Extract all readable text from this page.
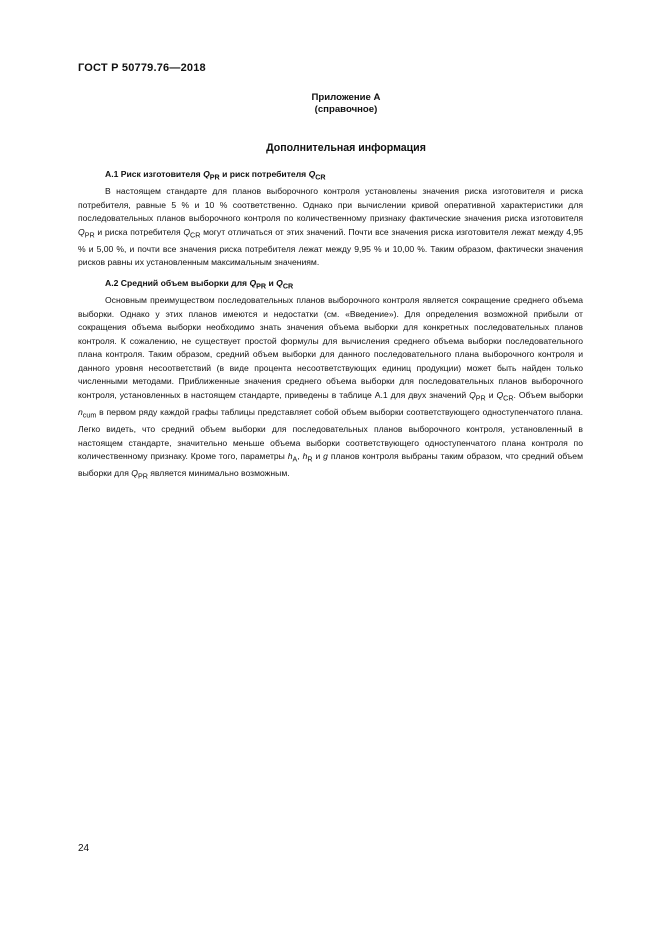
ГОСТ Р 50779.76—2018
Приложение А
(справочное)
Дополнительная информация

А.1 Риск изготовителя $Q_{PR}$ и риск потребителя $Q_{CR}$

В настоящем стандарте для планов выборочного контроля установлены значения риска изготовителя и риска потребителя, равные 5 % и 10 % соответственно. Однако при вычислении кривой оперативной характеристики для последовательных планов выборочного контроля по количественному признаку фактические значения риска изготовителя $Q_{PR}$ и риска потребителя $Q_{CR}$ могут отличаться от этих значений. Почти все значения риска изготовителя лежат между 4,95 % и 5,00 %, и почти все значения риска потребителя лежат между 9,95 % и 10,00 %. Таким образом, фактически значения рисков равны их установленным максимальным значениям.

А.2 Средний объем выборки для $Q_{PR}$ и $Q_{CR}$

Основным преимуществом последовательных планов выборочного контроля является сокращение среднего объема выборки. Однако у этих планов имеются и недостатки (см. «Введение»). Для определения возможной прибыли от сокращения объема выборки необходимо знать значения объема выборки для конкретных последовательных планов контроля. К сожалению, не существует простой формулы для вычисления среднего объема выборки последовательного плана контроля. Таким образом, средний объем выборки для данного последовательного плана выборочного контроля и данного уровня несоответствий (в виде процента несоответствующих единиц продукции) может быть найден только численными методами. Приближенные значения среднего объема выборки для последовательных планов выборочного контроля, установленных в настоящем стандарте, приведены в таблице А.1 для двух значений $Q_{PR}$ и $Q_{CR}$. Объем выборки $n_{cum}$ в первом ряду каждой графы таблицы представляет собой объем выборки соответствующего одноступенчатого плана. Легко видеть, что средний объем выборки для последовательных планов выборочного контроля, установленный в настоящем стандарте, значительно меньше объема выборки соответствующего одноступенчатого плана контроля по количественному признаку. Кроме того, параметры $h_A$, $h_R$ и g планов контроля выбраны таким образом, что средний объем выборки для $Q_{PR}$ является минимально возможным.

24
